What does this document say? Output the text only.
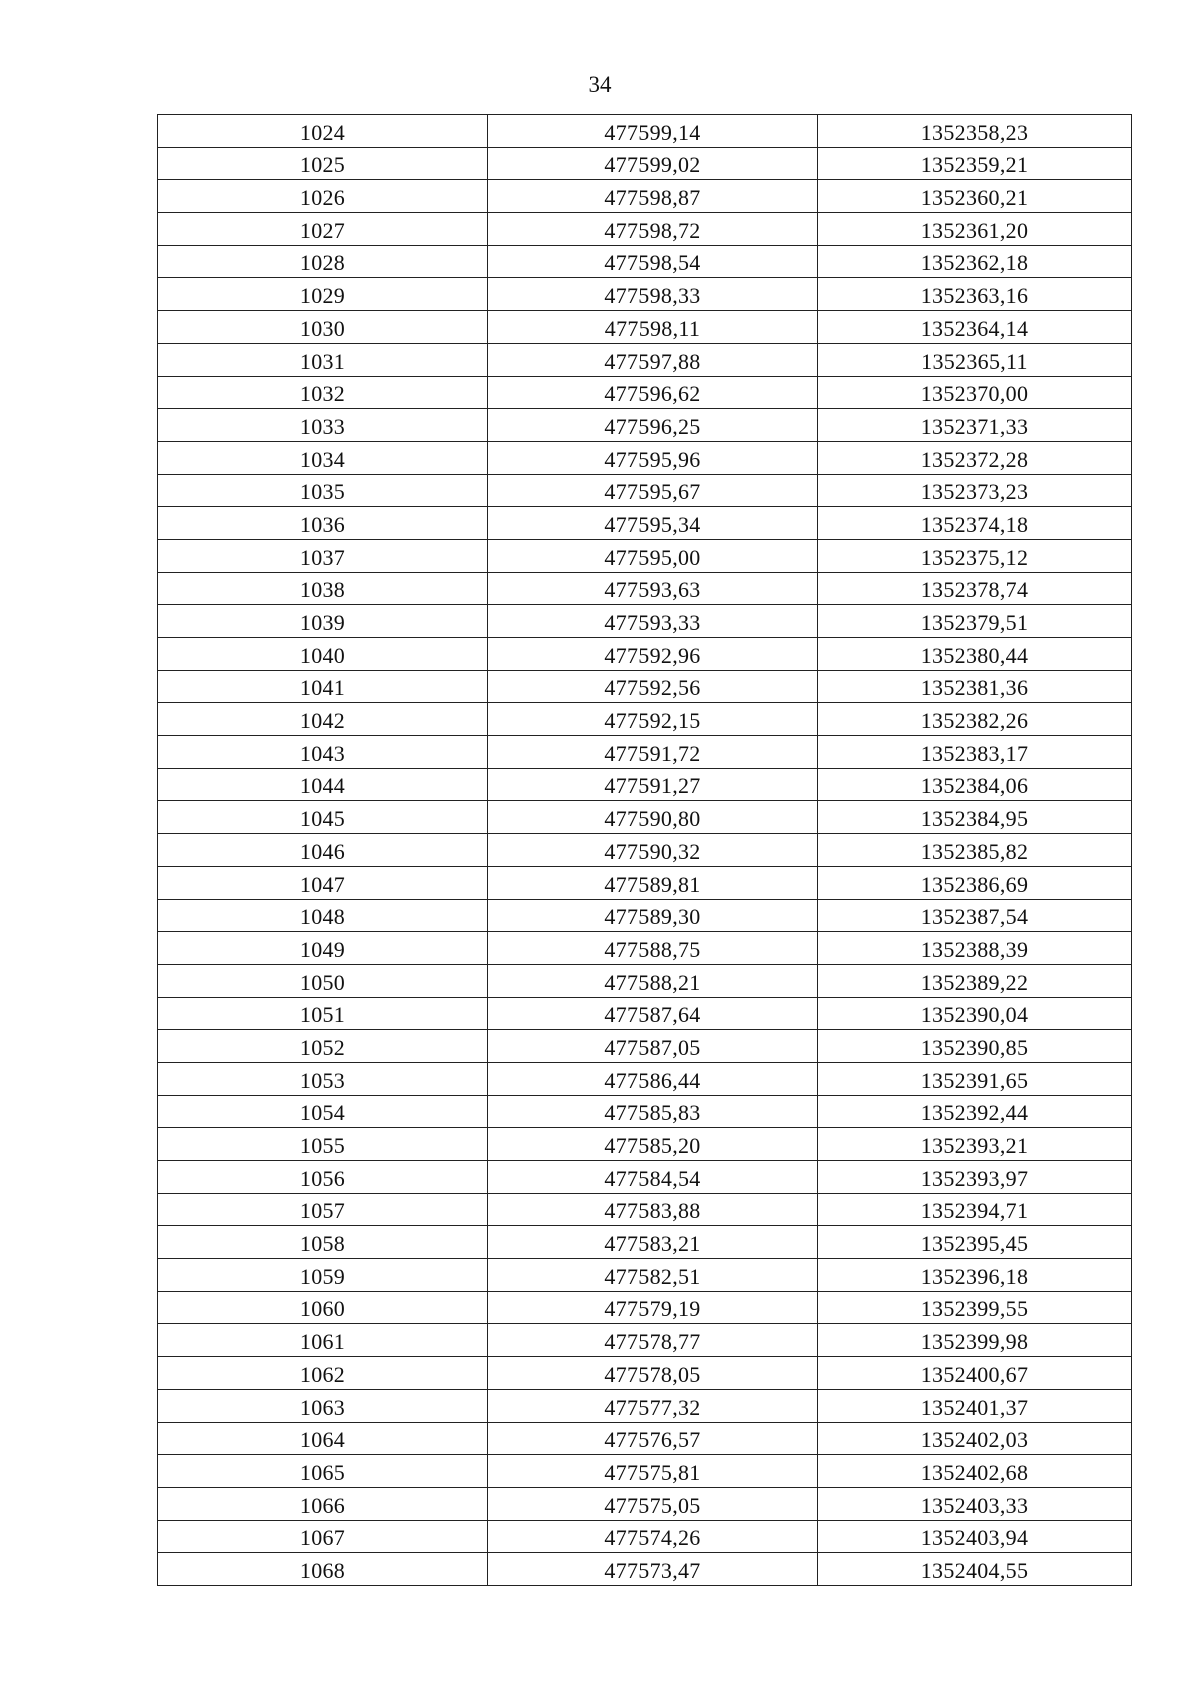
34
1024	477599,14	1352358,23
1025	477599,02	1352359,21
1026	477598,87	1352360,21
1027	477598,72	1352361,20
1028	477598,54	1352362,18
1029	477598,33	1352363,16
1030	477598,11	1352364,14
1031	477597,88	1352365,11
1032	477596,62	1352370,00
1033	477596,25	1352371,33
1034	477595,96	1352372,28
1035	477595,67	1352373,23
1036	477595,34	1352374,18
1037	477595,00	1352375,12
1038	477593,63	1352378,74
1039	477593,33	1352379,51
1040	477592,96	1352380,44
1041	477592,56	1352381,36
1042	477592,15	1352382,26
1043	477591,72	1352383,17
1044	477591,27	1352384,06
1045	477590,80	1352384,95
1046	477590,32	1352385,82
1047	477589,81	1352386,69
1048	477589,30	1352387,54
1049	477588,75	1352388,39
1050	477588,21	1352389,22
1051	477587,64	1352390,04
1052	477587,05	1352390,85
1053	477586,44	1352391,65
1054	477585,83	1352392,44
1055	477585,20	1352393,21
1056	477584,54	1352393,97
1057	477583,88	1352394,71
1058	477583,21	1352395,45
1059	477582,51	1352396,18
1060	477579,19	1352399,55
1061	477578,77	1352399,98
1062	477578,05	1352400,67
1063	477577,32	1352401,37
1064	477576,57	1352402,03
1065	477575,81	1352402,68
1066	477575,05	1352403,33
1067	477574,26	1352403,94
1068	477573,47	1352404,55
